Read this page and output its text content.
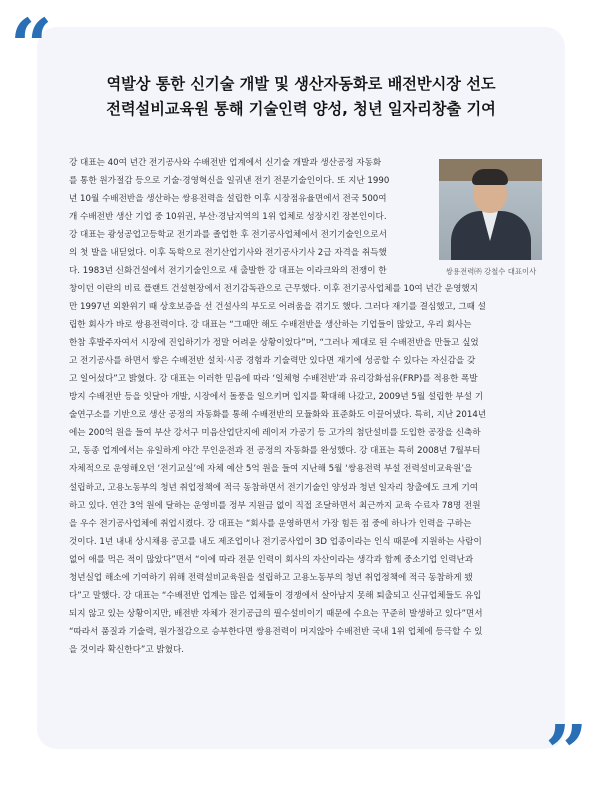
“	역발상 통한 신기술 개발 및 생산자동화로 배전반시장 선도
전력설비교육원 통해 기술인력 양성, 청년 일자리창출 기여
강 대표는 40여 년간 전기공사와 수배전반 업계에서 신기술 개발과 생산공정 자동화
를 통한 원가절감 등으로 기술·경영혁신을 일궈낸 전기 전문기술인이다. 또 지난 1990
년 10월 수배전반을 생산하는 쌍용전력을 설립한 이후 시장점유율면에서 전국 500여
개 수배전반 생산 기업 중 10위권, 부산·경남지역의 1위 업체로 성장시킨 장본인이다.
강 대표는 광성공업고등학교 전기과를 졸업한 후 전기공사업체에서 전기기술인으로서
의 첫 발을 내딛었다. 이후 독학으로 전기산업기사와 전기공사기사 2급 자격을 취득했
다. 1983년 신화건설에서 전기기술인으로 새 출발한 강 대표는 이라크와의 전쟁이 한	쌍용전력㈜ 강철수 대표이사
창이던 이란의 비료 플랜트 건설현장에서 전기감독관으로 근무했다. 이후 전기공사업체를 10여 년간 운영했지
만 1997년 외환위기 때 상호보증을 선 건설사의 부도로 어려움을 겪기도 했다. 그러다 재기를 결심했고, 그때 설
립한 회사가 바로 쌍용전력이다. 강 대표는 “그때만 해도 수배전반을 생산하는 기업들이 많았고, 우리 회사는
한참 후발주자여서 시장에 진입하기가 정말 어려운 상황이었다”며, “그러나 제대로 된 수배전반을 만들고 싶었
고 전기공사를 하면서 쌓은 수배전반 설치·시공 경험과 기술력만 있다면 재기에 성공할 수 있다는 자신감을 갖
고 일어섰다”고 밝혔다. 강 대표는 이러한 믿음에 따라 ‘일체형 수배전반’과 유리강화섬유(FRP)를 적용한 폭발
방지 수배전반 등을 잇달아 개발, 시장에서 돌풍을 일으키며 입지를 확대해 나갔고, 2009년 5월 설립한 부설 기
술연구소를 기반으로 생산 공정의 자동화를 통해 수배전반의 모듈화와 표준화도 이끌어냈다. 특히, 지난 2014년
에는 200억 원을 들여 부산 강서구 미음산업단지에 레이저 가공기 등 고가의 첨단설비를 도입한 공장을 신축하
고, 동종 업계에서는 유일하게 야간 무인운전과 전 공정의 자동화를 완성했다. 강 대표는 특히 2008년 7월부터
자체적으로 운영해오던 ‘전기교실’에 자체 예산 5억 원을 들여 지난해 5월 ‘쌍용전력 부설 전력설비교육원’을
설립하고, 고용노동부의 청년 취업정책에 적극 동참하면서 전기기술인 양성과 청년 일자리 창출에도 크게 기여
하고 있다. 연간 3억 원에 달하는 운영비를 정부 지원금 없이 직접 조달하면서 최근까지 교육 수료자 78명 전원
을 우수 전기공사업체에 취업시켰다. 강 대표는 “회사를 운영하면서 가장 힘든 점 중에 하나가 인력을 구하는
것이다. 1년 내내 상시채용 공고를 내도 제조업이나 전기공사업이 3D 업종이라는 인식 때문에 지원하는 사람이
없어 애를 먹은 적이 많았다”면서 “이에 따라 전문 인력이 회사의 자산이라는 생각과 함께 중소기업 인력난과
청년실업 해소에 기여하기 위해 전력설비교육원을 설립하고 고용노동부의 청년 취업정책에 적극 동참하게 됐
다”고 말했다. 강 대표는 “수배전반 업계는 많은 업체들이 경쟁에서 살아남지 못해 퇴출되고 신규업체들도 유입
되지 않고 있는 상황이지만, 배전반 자체가 전기공급의 필수설비이기 때문에 수요는 꾸준히 발생하고 있다”면서
“따라서 품질과 기술력, 원가절감으로 승부한다면 쌍용전력이 머지않아 수배전반 국내 1위 업체에 등극할 수 있
을 것이라 확신한다”고 밝혔다.
”
